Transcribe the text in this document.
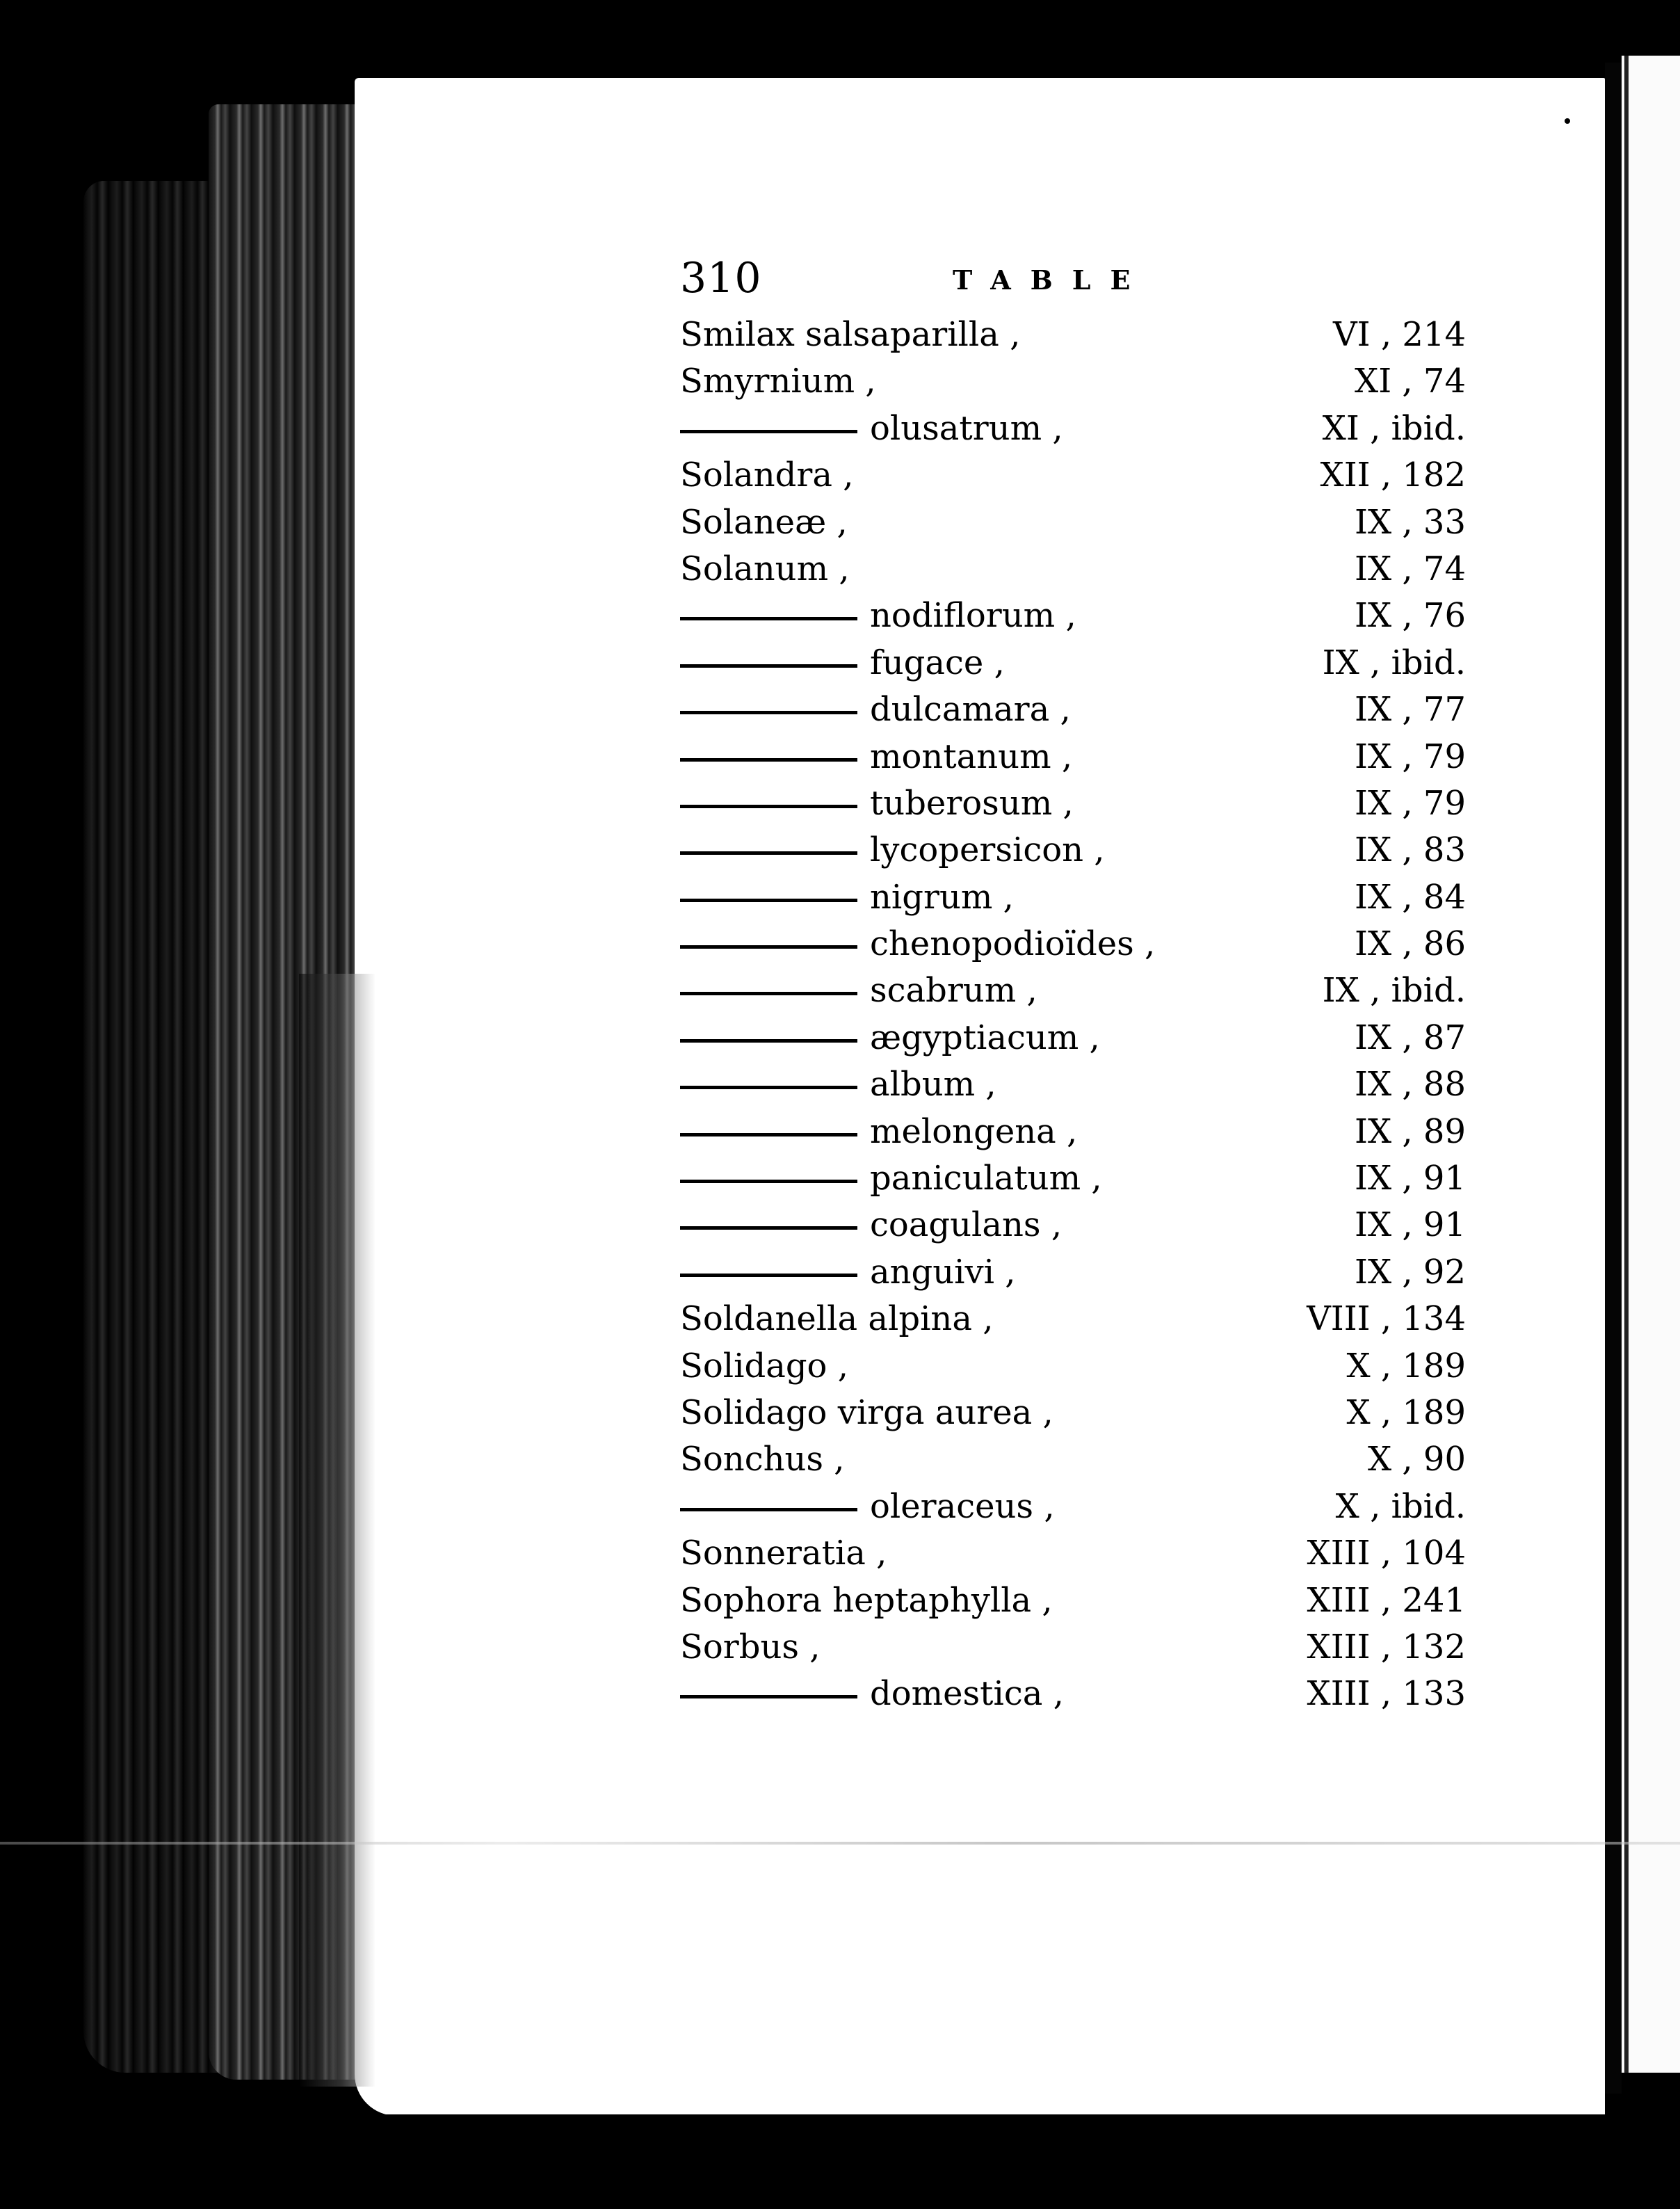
310	TABLE
Smilax salsaparilla ,	VI , 214
Smyrnium ,	XI , 74
olusatrum ,	XI , ibid.
Solandra ,	XII , 182
Solaneæ ,	IX , 33
Solanum ,	IX , 74
nodiflorum ,	IX , 76
fugace ,	IX , ibid.
dulcamara ,	IX , 77
montanum ,	IX , 79
tuberosum ,	IX , 79
lycopersicon ,	IX , 83
nigrum ,	IX , 84
chenopodioïdes ,	IX , 86
scabrum ,	IX , ibid.
ægyptiacum ,	IX , 87
album ,	IX , 88
melongena ,	IX , 89
paniculatum ,	IX , 91
coagulans ,	IX , 91
anguivi ,	IX , 92
Soldanella alpina ,	VIII , 134
Solidago ,	X , 189
Solidago virga aurea ,	X , 189
Sonchus ,	X , 90
oleraceus ,	X , ibid.
Sonneratia ,	XIII , 104
Sophora heptaphylla ,	XIII , 241
Sorbus ,	XIII , 132
domestica ,	XIII , 133
